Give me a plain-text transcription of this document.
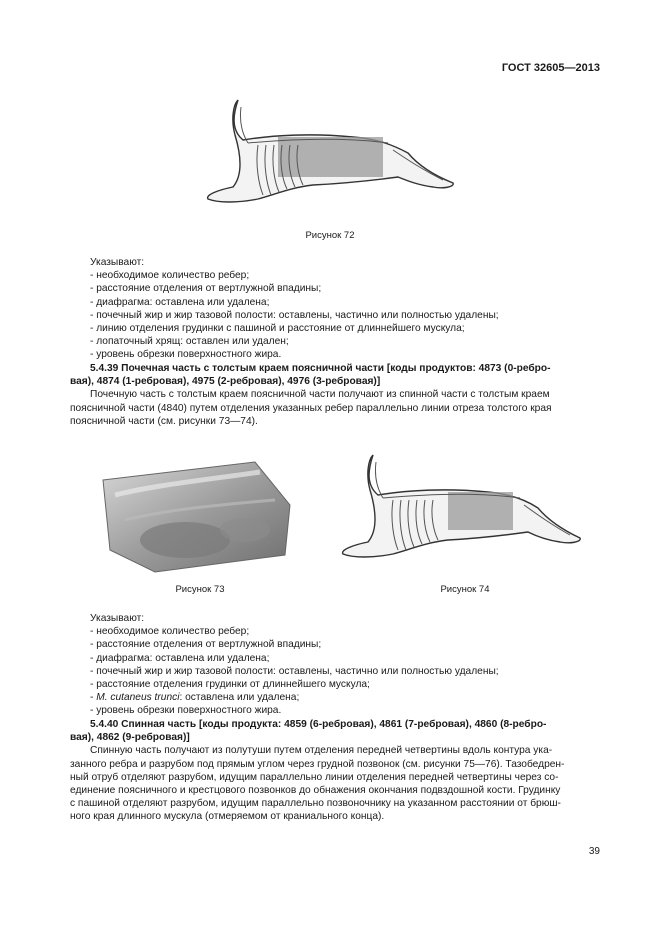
ГОСТ 32605—2013
Рисунок 72
Указывают:
- необходимое количество ребер;
- расстояние отделения от вертлужной впадины;
- диафрагма: оставлена или удалена;
- почечный жир и жир тазовой полости: оставлены, частично или полностью удалены;
- линию отделения грудинки с пашиной и расстояние от длиннейшего мускула;
- лопаточный хрящ: оставлен или удален;
- уровень обрезки поверхностного жира.
5.4.39 Почечная часть с толстым краем поясничной части [коды продуктов: 4873 (0-ребро-
вая), 4874 (1-ребровая), 4975 (2-ребровая), 4976 (3-ребровая)]
Почечную часть с толстым краем поясничной части получают из спинной части с толстым краем
поясничной части (4840) путем отделения указанных ребер параллельно линии отреза толстого края
поясничной части (см. рисунки 73—74).
Рисунок 73	Рисунок 74
Указывают:
- необходимое количество ребер;
- расстояние отделения от вертлужной впадины;
- диафрагма: оставлена или удалена;
- почечный жир и жир тазовой полости: оставлены, частично или полностью удалены;
- расстояние отделения грудинки от длиннейшего мускула;
- M. cutaneus trunci: оставлена или удалена;
- уровень обрезки поверхностного жира.
5.4.40 Спинная часть [коды продукта: 4859 (6-ребровая), 4861 (7-ребровая), 4860 (8-ребро-
вая), 4862 (9-ребровая)]
Спинную часть получают из полутуши путем отделения передней четвертины вдоль контура ука-
занного ребра и разрубом под прямым углом через грудной позвонок (см. рисунки 75—76). Тазобедрен-
ный отруб отделяют разрубом, идущим параллельно линии отделения передней четвертины через со-
единение поясничного и крестцового позвонков до обнажения окончания подвздошной кости. Грудинку
с пашиной отделяют разрубом, идущим параллельно позвоночнику на указанном расстоянии от брюш-
ного края длинного мускула (отмеряемом от краниального конца).
39
